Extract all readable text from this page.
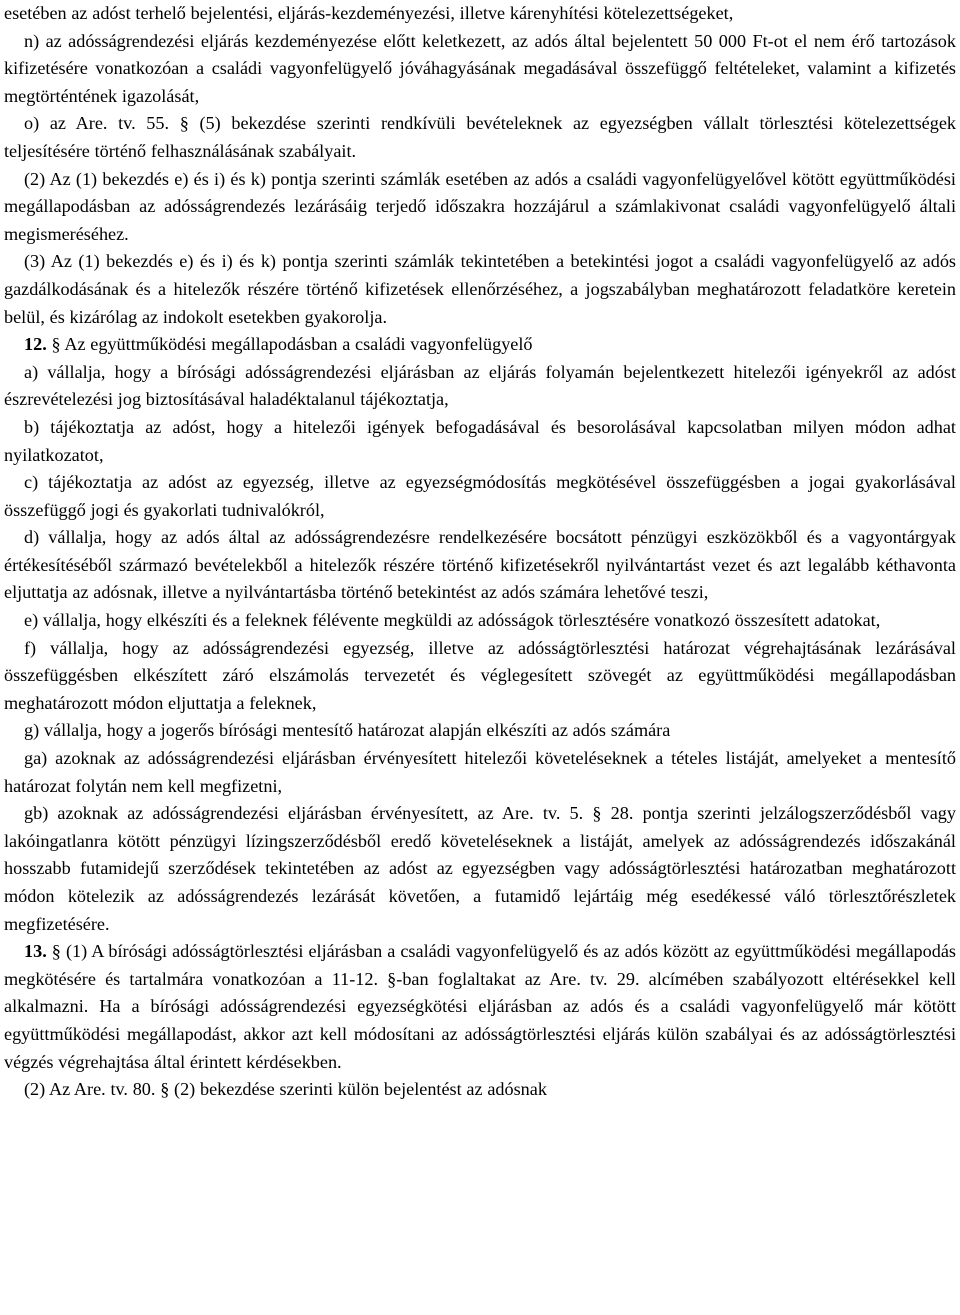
esetében az adóst terhelő bejelentési, eljárás-kezdeményezési, illetve kárenyhítési kötelezettségeket,

n) az adósságrendezési eljárás kezdeményezése előtt keletkezett, az adós által bejelentett 50 000 Ft-ot el nem érő tartozások kifizetésére vonatkozóan a családi vagyonfelügyelő jóváhagyásának megadásával összefüggő feltételeket, valamint a kifizetés megtörténtének igazolását,

o) az Are. tv. 55. § (5) bekezdése szerinti rendkívüli bevételeknek az egyezségben vállalt törlesztési kötelezettségek teljesítésére történő felhasználásának szabályait.

(2) Az (1) bekezdés e) és i) és k) pontja szerinti számlák esetében az adós a családi vagyonfelügyelővel kötött együttműködési megállapodásban az adósságrendezés lezárásáig terjedő időszakra hozzájárul a számlakivonat családi vagyonfelügyelő általi megismeréséhez.

(3) Az (1) bekezdés e) és i) és k) pontja szerinti számlák tekintetében a betekintési jogot a családi vagyonfelügyelő az adós gazdálkodásának és a hitelezők részére történő kifizetések ellenőrzéséhez, a jogszabályban meghatározott feladatköre keretein belül, és kizárólag az indokolt esetekben gyakorolja.

12. § Az együttműködési megállapodásban a családi vagyonfelügyelő

a) vállalja, hogy a bírósági adósságrendezési eljárásban az eljárás folyamán bejelentkezett hitelezői igényekről az adóst észrevételezési jog biztosításával haladéktalanul tájékoztatja,

b) tájékoztatja az adóst, hogy a hitelezői igények befogadásával és besorolásával kapcsolatban milyen módon adhat nyilatkozatot,

c) tájékoztatja az adóst az egyezség, illetve az egyezségmódosítás megkötésével összefüggésben a jogai gyakorlásával összefüggő jogi és gyakorlati tudnivalókról,

d) vállalja, hogy az adós által az adósságrendezésre rendelkezésére bocsátott pénzügyi eszközökből és a vagyontárgyak értékesítéséből származó bevételekből a hitelezők részére történő kifizetésekről nyilvántartást vezet és azt legalább kéthavonta eljuttatja az adósnak, illetve a nyilvántartásba történő betekintést az adós számára lehetővé teszi,

e) vállalja, hogy elkészíti és a feleknek félévente megküldi az adósságok törlesztésére vonatkozó összesített adatokat,

f) vállalja, hogy az adósságrendezési egyezség, illetve az adósságtörlesztési határozat végrehajtásának lezárásával összefüggésben elkészített záró elszámolás tervezetét és véglegesített szövegét az együttműködési megállapodásban meghatározott módon eljuttatja a feleknek,

g) vállalja, hogy a jogerős bírósági mentesítő határozat alapján elkészíti az adós számára

ga) azoknak az adósságrendezési eljárásban érvényesített hitelezői követeléseknek a tételes listáját, amelyeket a mentesítő határozat folytán nem kell megfizetni,

gb) azoknak az adósságrendezési eljárásban érvényesített, az Are. tv. 5. § 28. pontja szerinti jelzálogszerződésből vagy lakóingatlanra kötött pénzügyi lízingszerződésből eredő követeléseknek a listáját, amelyek az adósságrendezés időszakánál hosszabb futamidejű szerződések tekintetében az adóst az egyezségben vagy adósságtörlesztési határozatban meghatározott módon kötelezik az adósságrendezés lezárását követően, a futamidő lejártáig még esedékessé váló törlesztőrészletek megfizetésére.

13. § (1) A bírósági adósságtörlesztési eljárásban a családi vagyonfelügyelő és az adós között az együttműködési megállapodás megkötésére és tartalmára vonatkozóan a 11-12. §-ban foglaltakat az Are. tv. 29. alcímében szabályozott eltérésekkel kell alkalmazni. Ha a bírósági adósságrendezési egyezségkötési eljárásban az adós és a családi vagyonfelügyelő már kötött együttműködési megállapodást, akkor azt kell módosítani az adósságtörlesztési eljárás külön szabályai és az adósságtörlesztési végzés végrehajtása által érintett kérdésekben.

(2) Az Are. tv. 80. § (2) bekezdése szerinti külön bejelentést az adósnak
